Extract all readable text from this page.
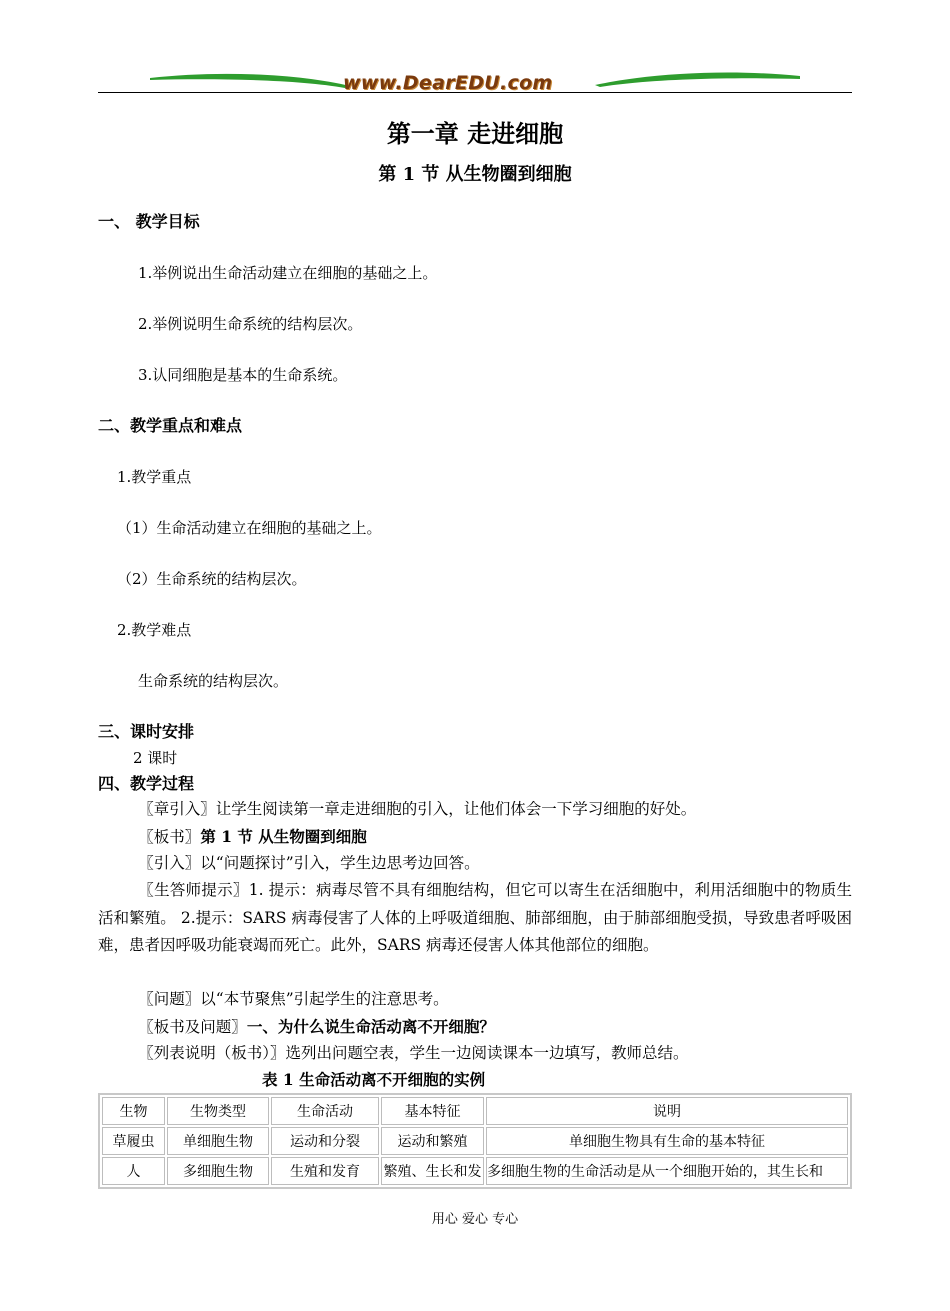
www.DearEDU.com
第一章 走进细胞
第 1 节 从生物圈到细胞
一、 教学目标
1.举例说出生命活动建立在细胞的基础之上。
2.举例说明生命系统的结构层次。
3.认同细胞是基本的生命系统。
二、教学重点和难点
1.教学重点
（1）生命活动建立在细胞的基础之上。
（2）生命系统的结构层次。
2.教学难点
生命系统的结构层次。
三、课时安排
2 课时
四、教学过程
〖章引入〗让学生阅读第一章走进细胞的引入，让他们体会一下学习细胞的好处。
〖板书〗第 1 节 从生物圈到细胞
〖引入〗以“问题探讨”引入，学生边思考边回答。
〖生答师提示〗1. 提示：病毒尽管不具有细胞结构，但它可以寄生在活细胞中，利用活细胞中的物质生活和繁殖。 2.提示：SARS 病毒侵害了人体的上呼吸道细胞、肺部细胞，由于肺部细胞受损，导致患者呼吸困难，患者因呼吸功能衰竭而死亡。此外，SARS 病毒还侵害人体其他部位的细胞。
〖问题〗以“本节聚焦”引起学生的注意思考。
〖板书及问题〗一、为什么说生命活动离不开细胞？
〖列表说明（板书）〗选列出问题空表，学生一边阅读课本一边填写，教师总结。
表 1 生命活动离不开细胞的实例
生物	生物类型	生命活动	基本特征	说明
草履虫	单细胞生物	运动和分裂	运动和繁殖	单细胞生物具有生命的基本特征
人	多细胞生物	生殖和发育	繁殖、生长和发	多细胞生物的生命活动是从一个细胞开始的，其生长和
用心 爱心 专心
